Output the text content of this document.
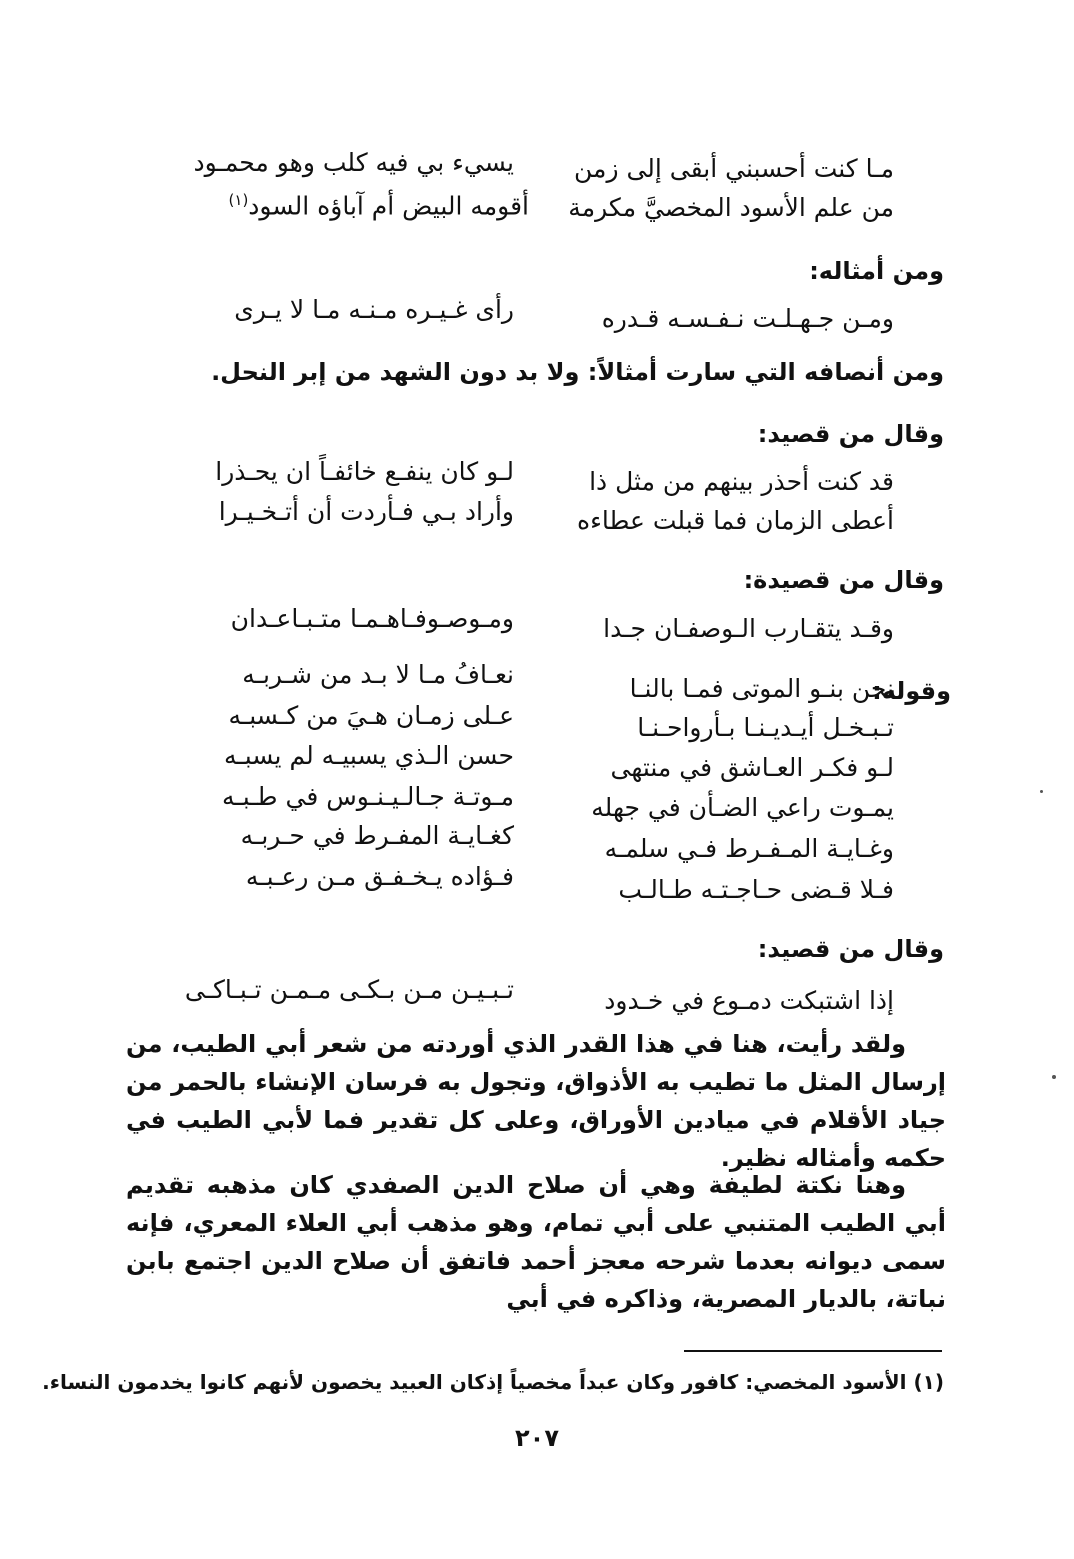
مـا كنت أحسبني أبقى إلى زمن
يسيء بي فيه كلب وهو محمـود
من علم الأسود المخصيَّ مكرمة
أقومه البيض أم آباؤه السود$^{(١)}$
ومن أمثاله:
ومـن جـهـلـت نـفـسـه قـدره
رأى غـيـره مـنـه مـا لا يـرى
ومن أنصافه التي سارت أمثالاً: ولا بد دون الشهد من إبر النحل.
وقال من قصيد:
قد كنت أحذر بينهم من مثل ذا
لـو كان ينفـع خائفـاً ان يحـذرا
أعطى الزمان فما قبلت عطاءه
وأراد بـي فـأردت أن أتـخـيـرا
وقال من قصيدة:
وقـد يتقـارب الـوصفـان جـدا
ومـوصـوفـاهـمـا متـبـاعـدان
وقوله:
نحن بنـو الموتى فمـا بالنـا
نعـافُ مـا لا بـد من شـربـه
تـبـخـل أيـديـنـا بـأرواحـنـا
عـلى زمـان هـيَ من كـسبـه
لـو فكـر العـاشق في منتهى
حسن الـذي يسبيـه لم يسبـه
يمـوت راعي الضـأن في جهله
مـوتـة جـالـيـنـوس في طـبـه
وغـايـة المـفـرط فـي سلمـه
كغـايـة المفـرط في حـربـه
فـلا قـضى حـاجـتـه طـالـب
فـؤاده يـخـفـق مـن رعـبـه
وقال من قصيد:
إذا اشتبكت دمـوع في خـدود
تـبـيـن مـن بـكـى مـمـن تـبـاكـى

ولقد رأيت، هنا في هذا القدر الذي أوردته من شعر أبي الطيب، من إرسال المثل ما تطيب به الأذواق، وتجول به فرسان الإنشاء بالحمر من جياد الأقلام في ميادين الأوراق، وعلى كل تقدير فما لأبي الطيب في حكمه وأمثاله نظير.

وهنا نكتة لطيفة وهي أن صلاح الدين الصفدي كان مذهبه تقديم أبي الطيب المتنبي على أبي تمام، وهو مذهب أبي العلاء المعري، فإنه سمى ديوانه بعدما شرحه معجز أحمد فاتفق أن صلاح الدين اجتمع بابن نباتة، بالديار المصرية، وذاكره في أبي

(١) الأسود المخصي: كافور وكان عبداً مخصياً إذكان العبيد يخصون لأنهم كانوا يخدمون النساء.
٢٠٧
